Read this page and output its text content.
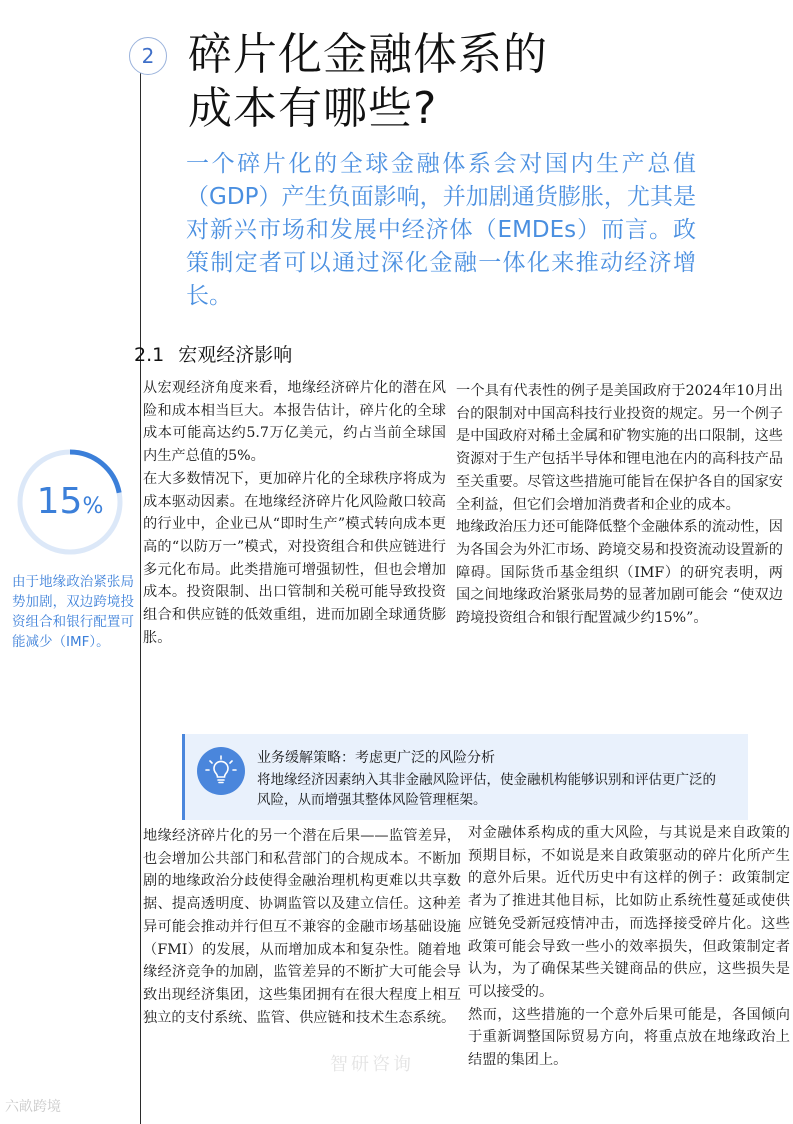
2 碎片化金融体系的
成本有哪些?

一个碎片化的全球金融体系会对国内生产总值（GDP）产生负面影响，并加剧通货膨胀，尤其是对新兴市场和发展中经济体（EMDEs）而言。政策制定者可以通过深化金融一体化来推动经济增长。

2.1 宏观经济影响
15%

由于地缘政治紧张局势加剧，双边跨境投资组合和银行配置可能减少（IMF）。

从宏观经济角度来看，地缘经济碎片化的潜在风险和成本相当巨大。本报告估计，碎片化的全球成本可能高达约5.7万亿美元，约占当前全球国内生产总值的5%。

在大多数情况下，更加碎片化的全球秩序将成为成本驱动因素。在地缘经济碎片化风险敞口较高的行业中，企业已从“即时生产”模式转向成本更高的“以防万一”模式，对投资组合和供应链进行多元化布局。此类措施可增强韧性，但也会增加成本。投资限制、出口管制和关税可能导致投资组合和供应链的低效重组，进而加剧全球通货膨胀。

一个具有代表性的例子是美国政府于2024年10月出台的限制对中国高科技行业投资的规定。另一个例子是中国政府对稀土金属和矿物实施的出口限制，这些资源对于生产包括半导体和锂电池在内的高科技产品至关重要。尽管这些措施可能旨在保护各自的国家安全利益，但它们会增加消费者和企业的成本。

地缘政治压力还可能降低整个金融体系的流动性，因为各国会为外汇市场、跨境交易和投资流动设置新的障碍。国际货币基金组织（IMF）的研究表明，两国之间地缘政治紧张局势的显著加剧可能会 “使双边跨境投资组合和银行配置减少约15%”。

业务缓解策略：考虑更广泛的风险分析

将地缘经济因素纳入其非金融风险评估，使金融机构能够识别和评估更广泛的风险，从而增强其整体风险管理框架。

地缘经济碎片化的另一个潜在后果——监管差异，也会增加公共部门和私营部门的合规成本。不断加剧的地缘政治分歧使得金融治理机构更难以共享数据、提高透明度、协调监管以及建立信任。这种差异可能会推动并行但互不兼容的金融市场基础设施（FMI）的发展，从而增加成本和复杂性。随着地缘经济竞争的加剧，监管差异的不断扩大可能会导致出现经济集团，这些集团拥有在很大程度上相互独立的支付系统、监管、供应链和技术生态系统。

对金融体系构成的重大风险，与其说是来自政策的预期目标，不如说是来自政策驱动的碎片化所产生的意外后果。近代历史中有这样的例子：政策制定者为了推进其他目标，比如防止系统性蔓延或使供应链免受新冠疫情冲击，而选择接受碎片化。这些政策可能会导致一些小的效率损失，但政策制定者认为，为了确保某些关键商品的供应，这些损失是可以接受的。

然而，这些措施的一个意外后果可能是，各国倾向于重新调整国际贸易方向，将重点放在地缘政治上结盟的集团上。

六畝跨境
智研咨询
